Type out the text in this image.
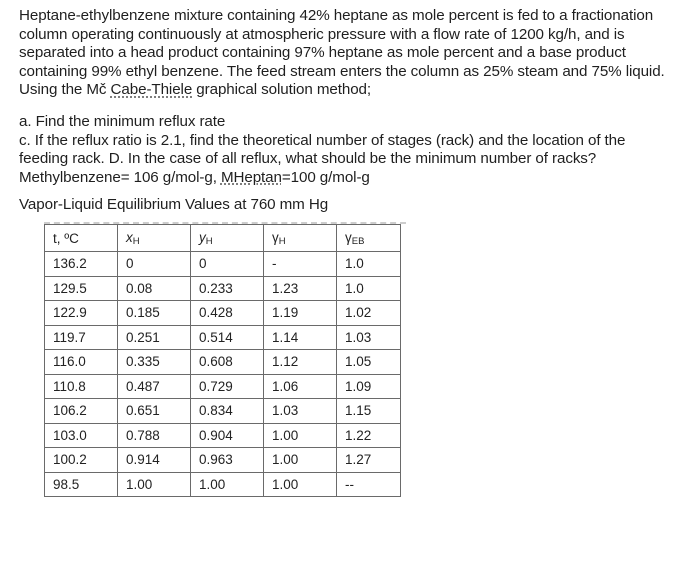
Heptane-ethylbenzene mixture containing 42% heptane as mole percent is fed to a fractionation
column operating continuously at atmospheric pressure with a flow rate of 1200 kg/h, and is
separated into a head product containing 97% heptane as mole percent and a base product
containing 99% ethyl benzene. The feed stream enters the column as 25% steam and 75% liquid.
Using the Mč Cabe-Thiele graphical solution method;
a. Find the minimum reflux rate
c. If the reflux ratio is 2.1, find the theoretical number of stages (rack) and the location of the
feeding rack. D. In the case of all reflux, what should be the minimum number of racks?
Methylbenzene= 106 g/mol-g, MHeptan=100 g/mol-g
Vapor-Liquid Equilibrium Values at 760 mm Hg
t, ºC	$x_H$	$y_H$	$\gamma_H$	$\gamma_{EB}$
136.2	0	0	-	1.0
129.5	0.08	0.233	1.23	1.0
122.9	0.185	0.428	1.19	1.02
119.7	0.251	0.514	1.14	1.03
116.0	0.335	0.608	1.12	1.05
110.8	0.487	0.729	1.06	1.09
106.2	0.651	0.834	1.03	1.15
103.0	0.788	0.904	1.00	1.22
100.2	0.914	0.963	1.00	1.27
98.5	1.00	1.00	1.00	--
